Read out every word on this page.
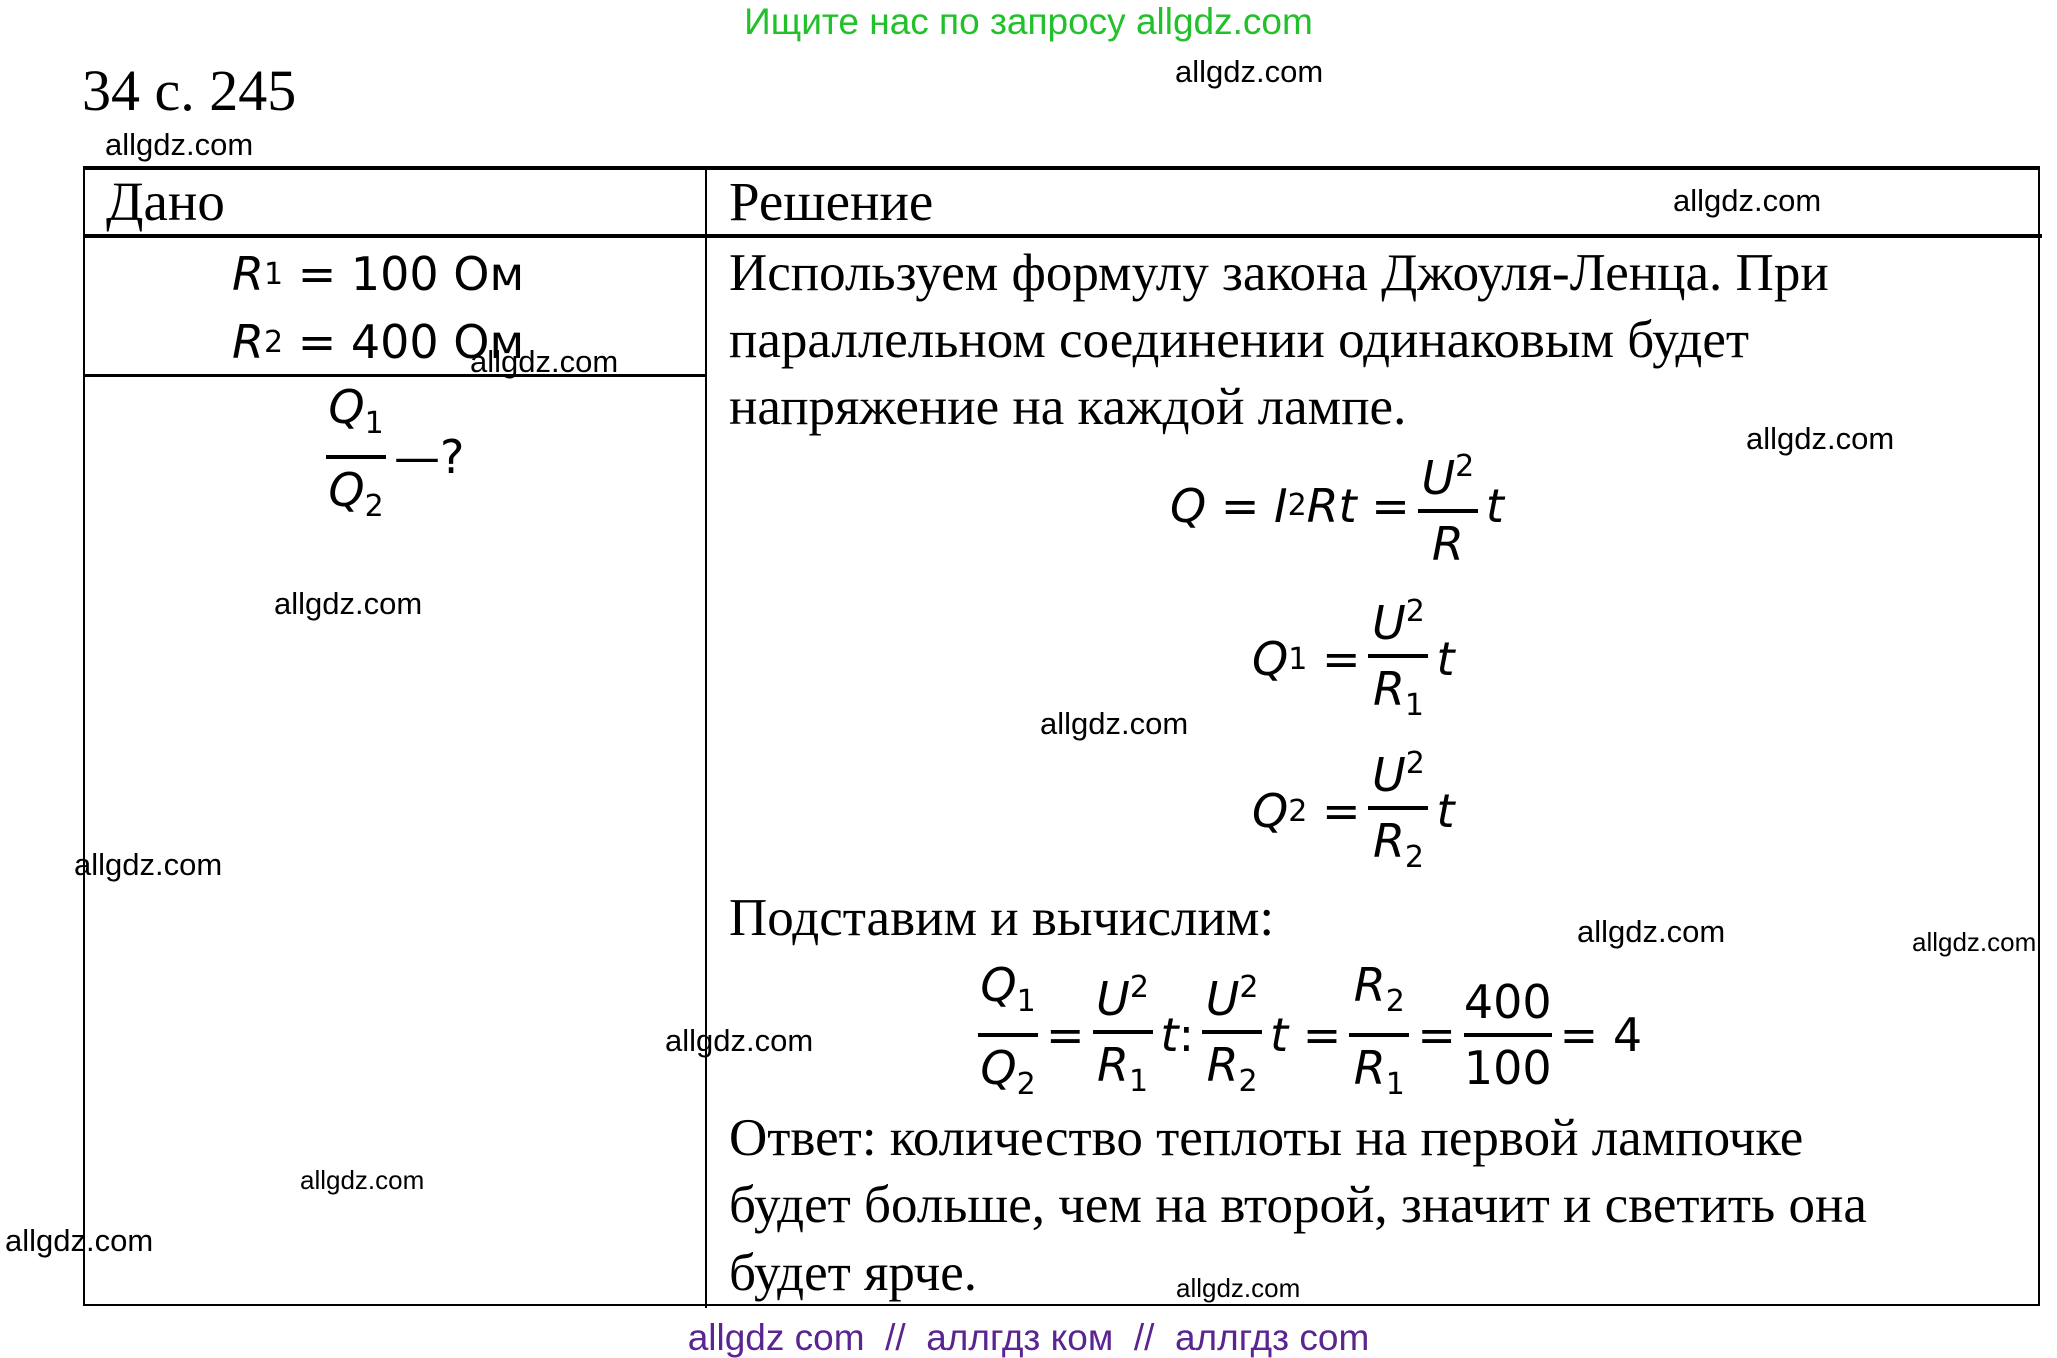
Ищите нас по запросу allgdz.com
34 с. 245
Дано	Решение
R 1
= 100 Ом
R 2
= 400 Ом
$\frac{Q_1}{Q_2}$ —?
Используем формулу закона Джоуля-Ленца. При
параллельном соединении одинаковым будет
напряжение на каждой лампе.
Q = I 2 $Rt = \frac{U^2}{R}$ t
Q 1
= $\frac{U^2}{R_1}$ t
Q 2
= $\frac{U^2}{R_2}$ t
Подставим и вычислим:
$\frac{Q_1}{Q_2} = \frac{U^2}{R_1}$ t : $\frac{U^2}{R_2}$ t
= $\frac{R_2}{R_1} = \frac{400}{100} = 4$
Ответ: количество теплоты на первой лампочке
будет больше, чем на второй, значит и светить она
будет ярче.
allgdz.com
allgdz.com
allgdz.com
allgdz.com
allgdz.com
allgdz.com
allgdz.com
allgdz.com
allgdz.com	allgdz.com
allgdz.com
allgdz.com
allgdz.com
allgdz.com
allgdz com  //  аллгдз ком  //  аллгдз com
